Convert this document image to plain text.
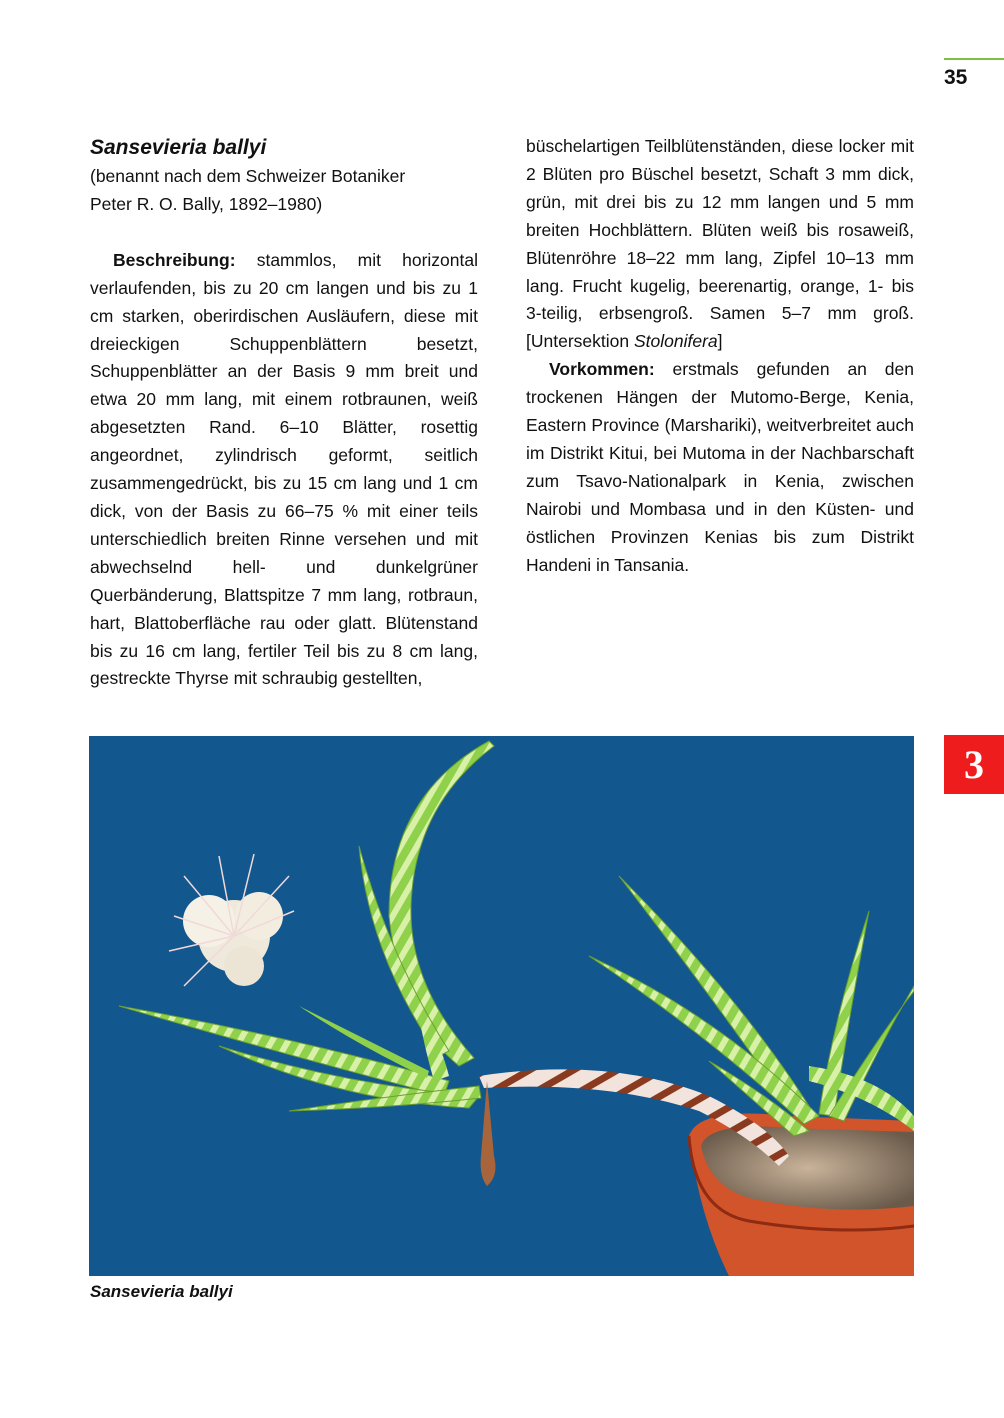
35
3

Sansevieria ballyi

(benannt nach dem Schweizer Botaniker

Peter R. O. Bally, 1892–1980)

Beschreibung: stammlos, mit horizontal verlaufenden, bis zu 20 cm langen und bis zu 1 cm starken, oberirdischen Ausläufern, diese mit dreieckigen Schuppenblättern besetzt, Schuppenblätter an der Basis 9 mm breit und etwa 20 mm lang, mit einem rotbraunen, weiß abgesetzten Rand. 6–10 Blätter, rosettig angeordnet, zylindrisch geformt, seitlich zusammengedrückt, bis zu 15 cm lang und 1 cm dick, von der Basis zu 66–75 % mit einer teils unterschiedlich breiten Rinne versehen und mit abwechselnd hell- und dunkelgrüner Querbänderung, Blattspitze 7 mm lang, rotbraun, hart, Blattoberfläche rau oder glatt. Blütenstand bis zu 16 cm lang, fertiler Teil bis zu 8 cm lang, gestreckte Thyrse mit schraubig gestellten,

büschelartigen Teilblütenständen, diese locker mit 2 Blüten pro Büschel besetzt, Schaft 3 mm dick, grün, mit drei bis zu 12 mm langen und 5 mm breiten Hochblättern. Blüten weiß bis rosaweiß, Blütenröhre 18–22 mm lang, Zipfel 10–13 mm lang. Frucht kugelig, beerenartig, orange, 1- bis 3-teilig, erbsengroß. Samen 5–7 mm groß. [Untersektion Stolonifera]

Vorkommen: erstmals gefunden an den trockenen Hängen der Mutomo-Berge, Kenia, Eastern Province (Marshariki), weitverbreitet auch im Distrikt Kitui, bei Mutoma in der Nachbarschaft zum Tsavo-Nationalpark in Kenia, zwischen Nairobi und Mombasa und in den Küsten- und östlichen Provinzen Kenias bis zum Distrikt Handeni in Tansania.

Sansevieria ballyi
